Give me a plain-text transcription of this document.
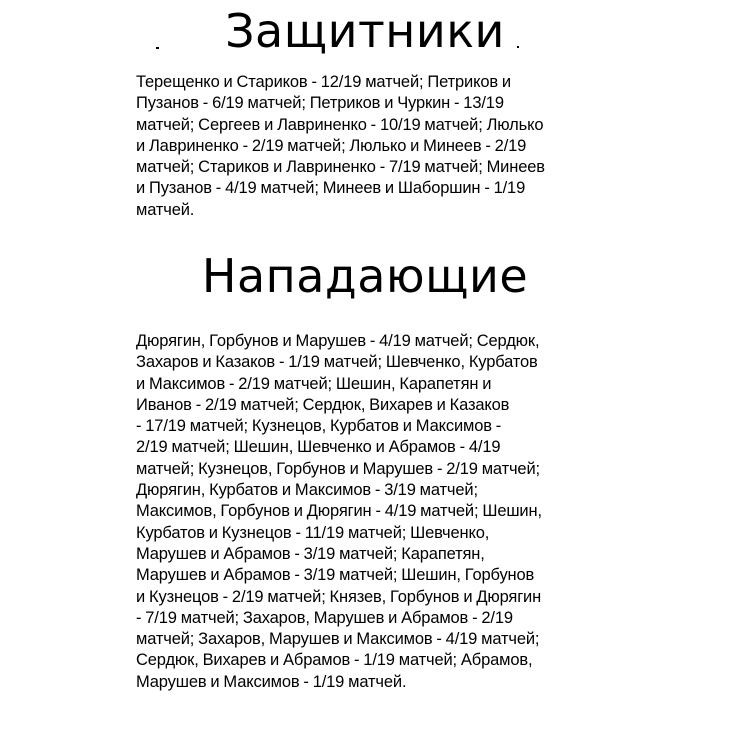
Защитники

Терещенко и Стариков - 12/19 матчей; Петриков и
Пузанов - 6/19 матчей; Петриков и Чуркин - 13/19
матчей; Сергеев и Лавриненко - 10/19 матчей; Люлько
и Лавриненко - 2/19 матчей; Люлько и Минеев - 2/19
матчей; Стариков и Лавриненко - 7/19 матчей; Минеев
и Пузанов - 4/19 матчей; Минеев и Шаборшин - 1/19
матчей.

Нападающие

Дюрягин, Горбунов и Марушев - 4/19 матчей; Сердюк,
Захаров и Казаков - 1/19 матчей; Шевченко, Курбатов
и Максимов - 2/19 матчей; Шешин, Карапетян и
Иванов - 2/19 матчей; Сердюк, Вихарев и Казаков
- 17/19 матчей; Кузнецов, Курбатов и Максимов -
2/19 матчей; Шешин, Шевченко и Абрамов - 4/19
матчей; Кузнецов, Горбунов и Марушев - 2/19 матчей;
Дюрягин, Курбатов и Максимов - 3/19 матчей;
Максимов, Горбунов и Дюрягин - 4/19 матчей; Шешин,
Курбатов и Кузнецов - 11/19 матчей; Шевченко,
Марушев и Абрамов - 3/19 матчей; Карапетян,
Марушев и Абрамов - 3/19 матчей; Шешин, Горбунов
и Кузнецов - 2/19 матчей; Князев, Горбунов и Дюрягин
- 7/19 матчей; Захаров, Марушев и Абрамов - 2/19
матчей; Захаров, Марушев и Максимов - 4/19 матчей;
Сердюк, Вихарев и Абрамов - 1/19 матчей; Абрамов,
Марушев и Максимов - 1/19 матчей.
